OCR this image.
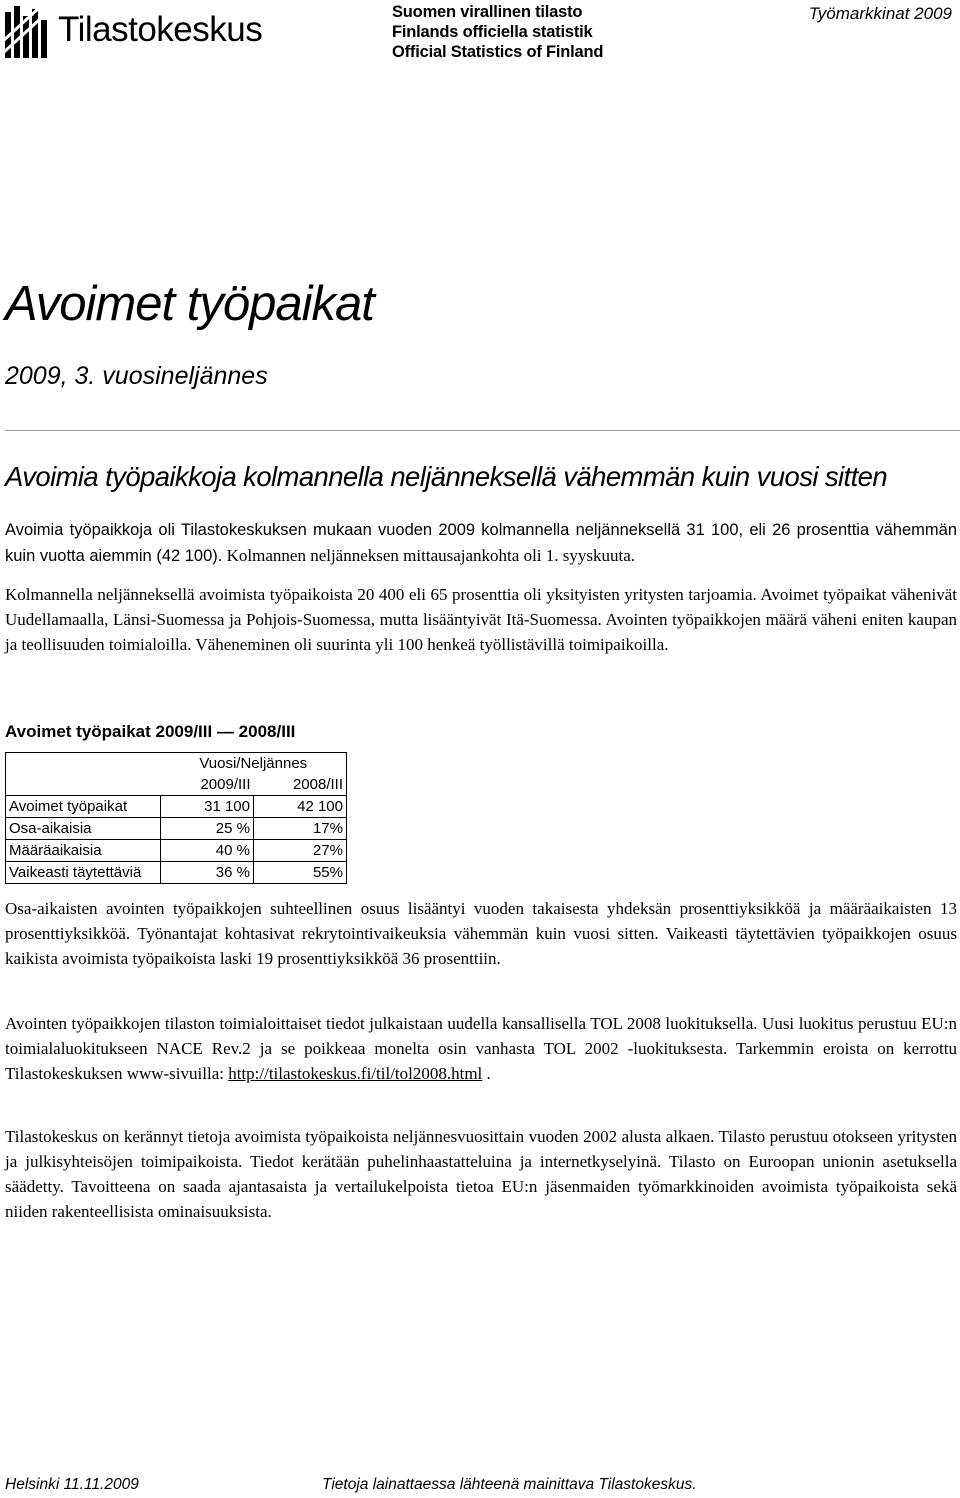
Tilastokeskus	Suomen virallinen tilasto
Finlands officiella statistik
Official Statistics of Finland
Työmarkkinat 2009
Avoimet työpaikat
2009, 3. vuosineljännes
Avoimia työpaikkoja kolmannella neljänneksellä vähemmän kuin vuosi sitten

Avoimia työpaikkoja oli Tilastokeskuksen mukaan vuoden 2009 kolmannella neljänneksellä 31 100, eli 26 prosenttia vähemmän kuin vuotta aiemmin (42 100). Kolmannen neljänneksen mittausajankohta oli 1. syyskuuta.

Kolmannella neljänneksellä avoimista työpaikoista 20 400 eli 65 prosenttia oli yksityisten yritysten tarjoamia. Avoimet työpaikat vähenivät Uudellamaalla, Länsi-Suomessa ja Pohjois-Suomessa, mutta lisääntyivät Itä-Suomessa. Avointen työpaikkojen määrä väheni eniten kaupan ja teollisuuden toimialoilla. Väheneminen oli suurinta yli 100 henkeä työllistävillä toimipaikoilla.

Avoimet työpaikat 2009/III — 2008/III
	Vuosi/Neljännes	
	2009/III	2008/III
Avoimet työpaikat	31 100	42 100
Osa-aikaisia	25 %	17%
Määräaikaisia	40 %	27%
Vaikeasti täytettäviä	36 %	55%

Osa-aikaisten avointen työpaikkojen suhteellinen osuus lisääntyi vuoden takaisesta yhdeksän prosenttiyksikköä ja määräaikaisten 13 prosenttiyksikköä. Työnantajat kohtasivat rekrytointivaikeuksia vähemmän kuin vuosi sitten. Vaikeasti täytettävien työpaikkojen osuus kaikista avoimista työpaikoista laski 19 prosenttiyksikköä 36 prosenttiin.

Avointen työpaikkojen tilaston toimialoittaiset tiedot julkaistaan uudella kansallisella TOL 2008 luokituksella. Uusi luokitus perustuu EU:n toimialaluokitukseen NACE Rev.2 ja se poikkeaa monelta osin vanhasta TOL 2002 -luokituksesta. Tarkemmin eroista on kerrottu Tilastokeskuksen www-sivuilla: http://tilastokeskus.fi/til/tol2008.html .

Tilastokeskus on kerännyt tietoja avoimista työpaikoista neljännesvuosittain vuoden 2002 alusta alkaen. Tilasto perustuu otokseen yritysten ja julkisyhteisöjen toimipaikoista. Tiedot kerätään puhelinhaastatteluina ja internetkyselyinä. Tilasto on Euroopan unionin asetuksella säädetty. Tavoitteena on saada ajantasaista ja vertailukelpoista tietoa EU:n jäsenmaiden työmarkkinoiden avoimista työpaikoista sekä niiden rakenteellisista ominaisuuksista.

Helsinki 11.11.2009	Tietoja lainattaessa lähteenä mainittava Tilastokeskus.
